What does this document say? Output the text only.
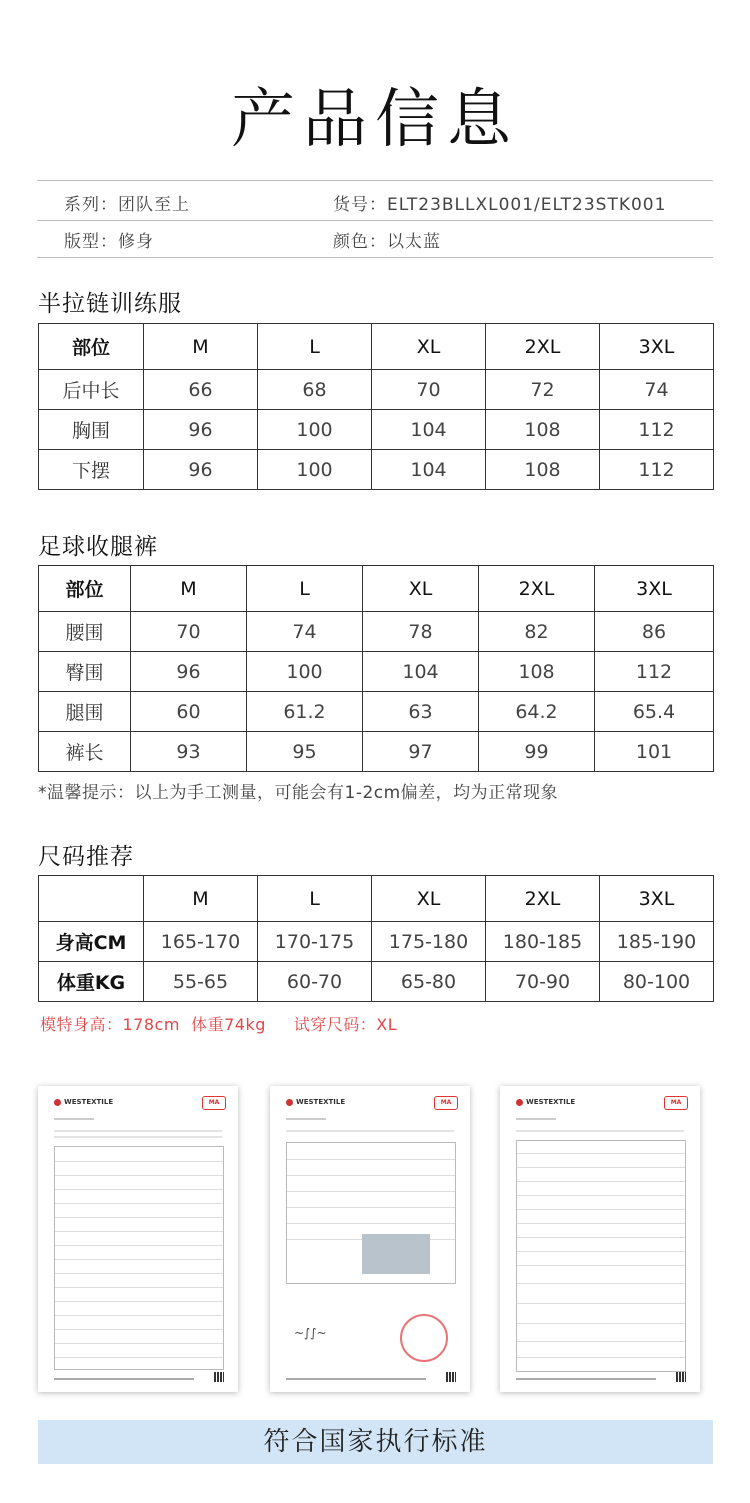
产品信息
系列：团队至上	货号：ELT23BLLXL001/ELT23STK001
版型：修身	颜色：以太蓝
半拉链训练服
部位	M	L	XL	2XL	3XL
后中长	66	68	70	72	74
胸围	96	100	104	108	112
下摆	96	100	104	108	112
足球收腿裤
部位	M	L	XL	2XL	3XL
腰围	70	74	78	82	86
臀围	96	100	104	108	112
腿围	60	61.2	63	64.2	65.4
裤长	93	95	97	99	101
*温馨提示：以上为手工测量，可能会有1-2cm偏差，均为正常现象
尺码推荐
	M	L	XL	2XL	3XL
身高CM	165-170	170-175	175-180	180-185	185-190
体重KG	55-65	60-70	65-80	70-90	80-100
模特身高：178cm  体重74kg     试穿尺码：XL
WESTEXTILE	MA	WESTEXTILE	MA
~⁠∫∫~
WESTEXTILE	MA
符合国家执行标准
